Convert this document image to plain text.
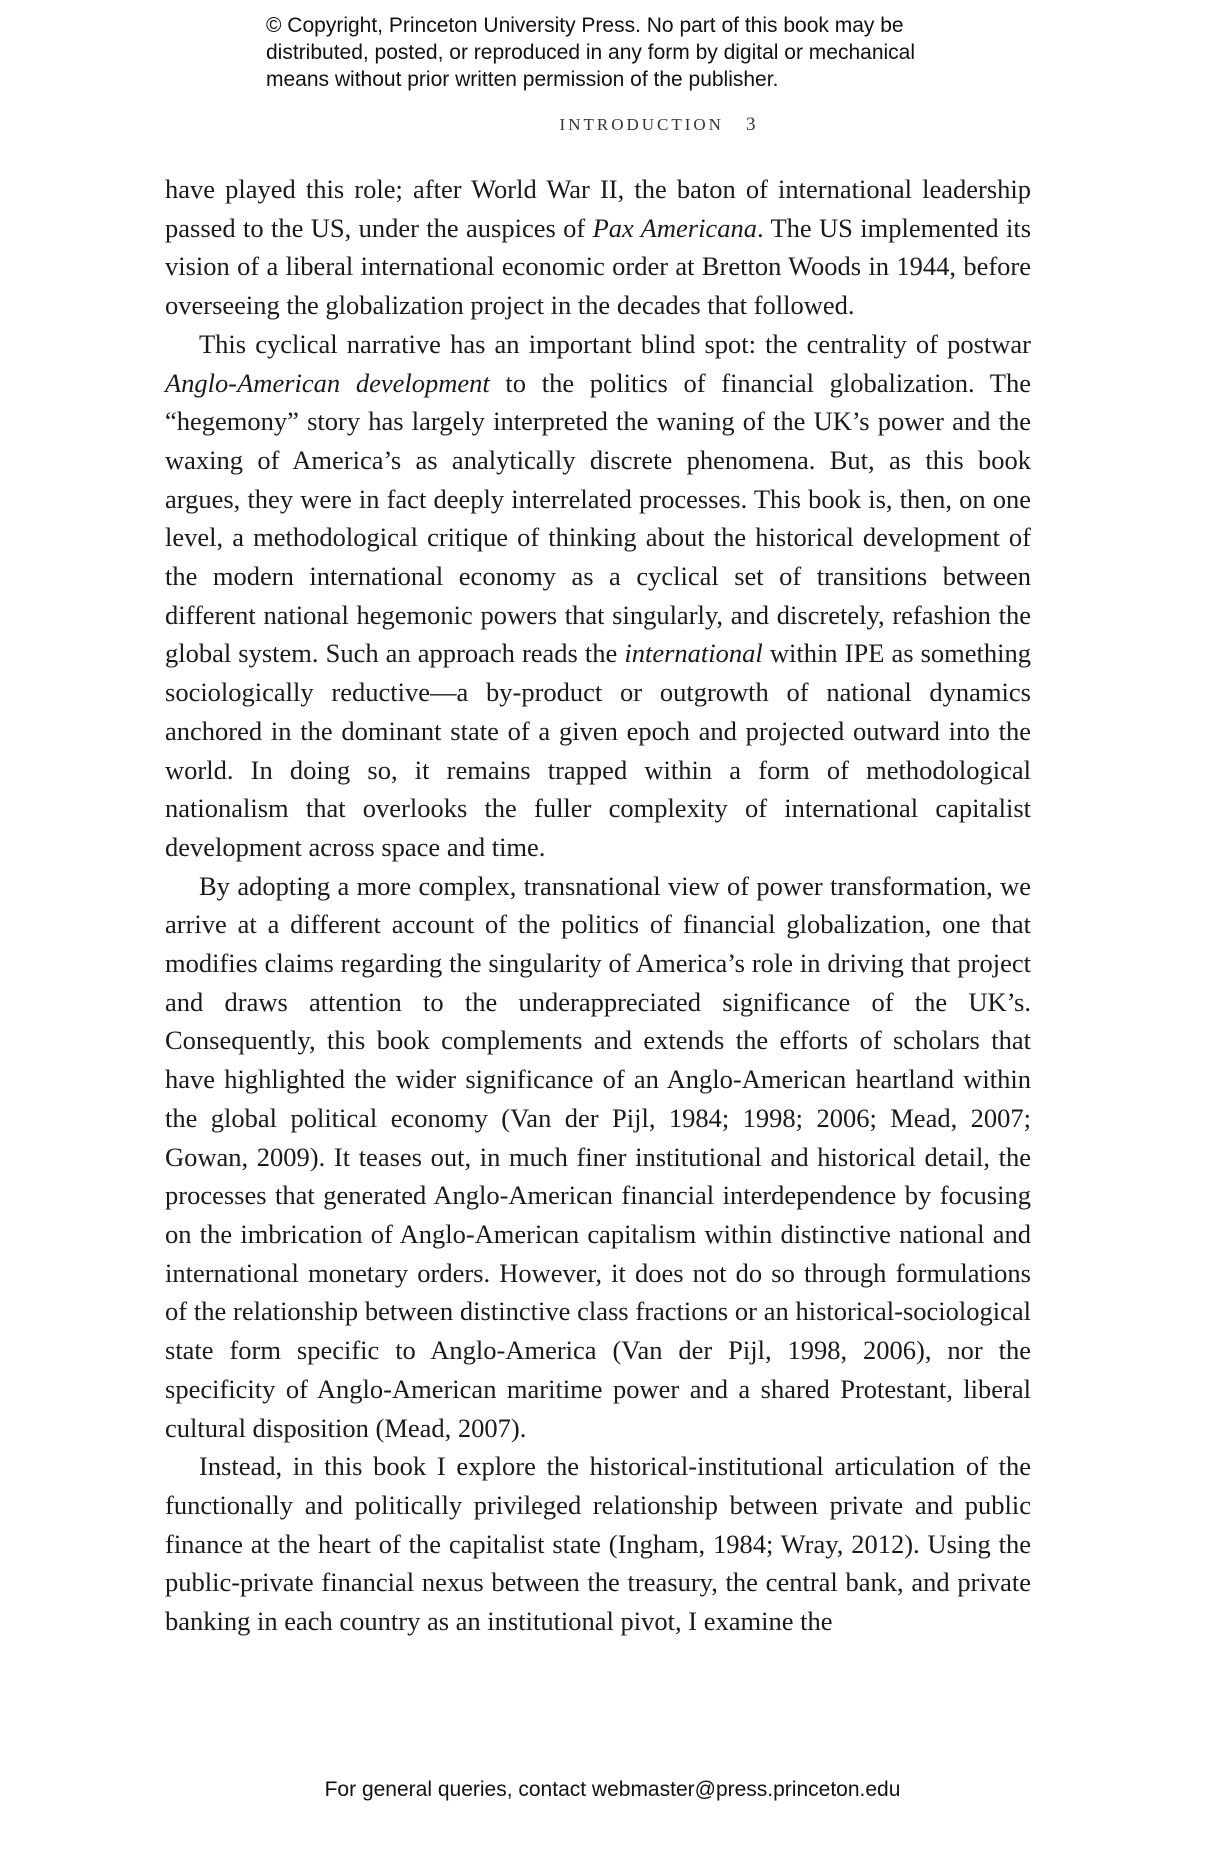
© Copyright, Princeton University Press. No part of this book may be
distributed, posted, or reproduced in any form by digital or mechanical
means without prior written permission of the publisher.
INTRODUCTION 3

have played this role; after World War II, the baton of international leadership passed to the US, under the auspices of Pax Americana. The US implemented its vision of a liberal international economic order at Bretton Woods in 1944, before overseeing the globalization project in the decades that followed.

This cyclical narrative has an important blind spot: the centrality of postwar Anglo-American development to the politics of financial globalization. The “hegemony” story has largely interpreted the waning of the UK’s power and the waxing of America’s as analytically discrete phenomena. But, as this book argues, they were in fact deeply interrelated processes. This book is, then, on one level, a methodological critique of thinking about the historical development of the modern international economy as a cyclical set of transitions between different national hegemonic powers that singularly, and discretely, refashion the global system. Such an approach reads the international within IPE as something sociologically reductive—a by-product or outgrowth of national dynamics anchored in the dominant state of a given epoch and projected outward into the world. In doing so, it remains trapped within a form of methodological nationalism that overlooks the fuller complexity of international capitalist development across space and time.

By adopting a more complex, transnational view of power transformation, we arrive at a different account of the politics of financial globalization, one that modifies claims regarding the singularity of America’s role in driving that project and draws attention to the underappreciated significance of the UK’s. Consequently, this book complements and extends the efforts of scholars that have highlighted the wider significance of an Anglo-American heartland within the global political economy (Van der Pijl, 1984; 1998; 2006; Mead, 2007; Gowan, 2009). It teases out, in much finer institutional and historical detail, the processes that generated Anglo-American financial interdependence by focusing on the imbrication of Anglo-American capitalism within distinctive national and international monetary orders. However, it does not do so through formulations of the relationship between distinctive class fractions or an historical-sociological state form specific to Anglo-America (Van der Pijl, 1998, 2006), nor the specificity of Anglo-American maritime power and a shared Protestant, liberal cultural disposition (Mead, 2007).

Instead, in this book I explore the historical-institutional articulation of the functionally and politically privileged relationship between private and public finance at the heart of the capitalist state (Ingham, 1984; Wray, 2012). Using the public-private financial nexus between the treasury, the central bank, and private banking in each country as an institutional pivot, I examine the

For general queries, contact webmaster@press.princeton.edu
